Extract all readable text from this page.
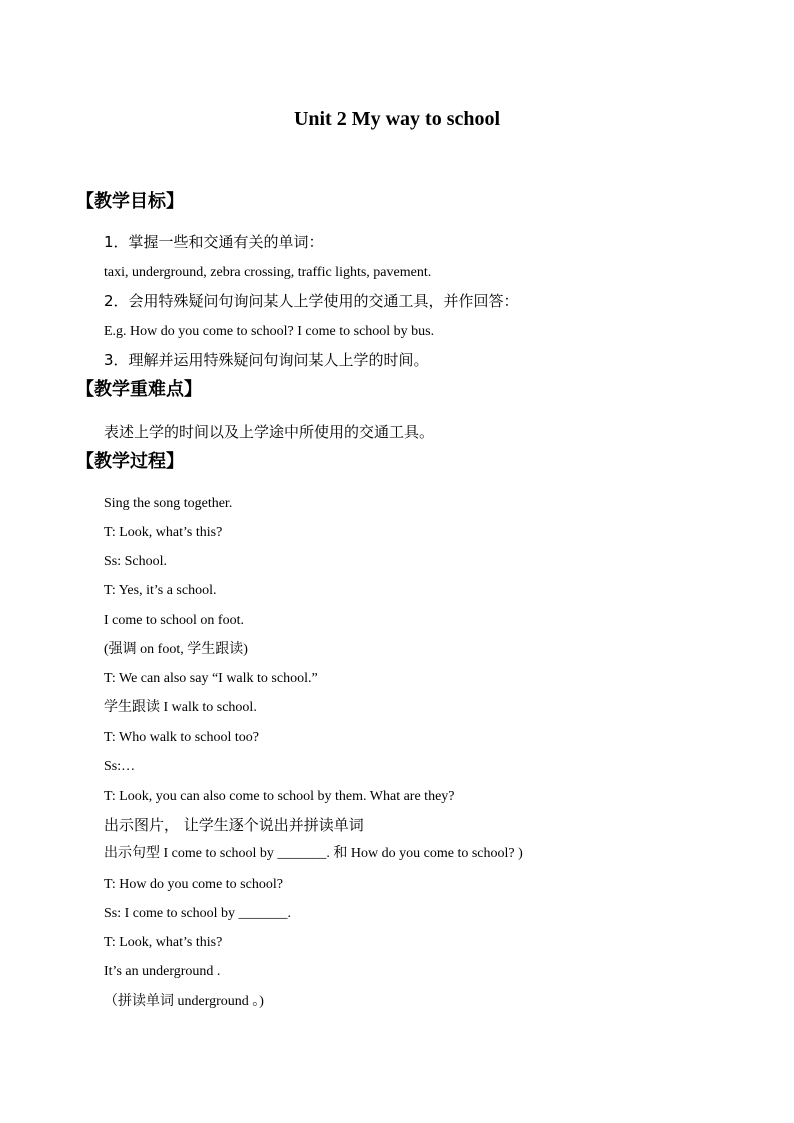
Unit 2 My way to school
【教学目标】
1．掌握一些和交通有关的单词：
taxi, underground, zebra crossing, traffic lights, pavement.
2．会用特殊疑问句询问某人上学使用的交通工具，并作回答：
E.g. How do you come to school? I come to school by bus.
3．理解并运用特殊疑问句询问某人上学的时间。
【教学重难点】
表述上学的时间以及上学途中所使用的交通工具。
【教学过程】
Sing the song together.
T: Look, what’s this?
Ss: School.
T: Yes, it’s a school.
I come to school on foot.
(强调 on foot, 学生跟读)
T: We can also say “I walk to school.”
学生跟读 I walk to school.
T: Who walk to school too?
Ss:…
T: Look, you can also come to school by them. What are they?
出示图片， 让学生逐个说出并拼读单词
出示句型 I come to school by _______. 和 How do you come to school? )
T: How do you come to school?
Ss: I come to school by _______.
T: Look, what’s this?
It’s an underground .
（拼读单词 underground 。)
